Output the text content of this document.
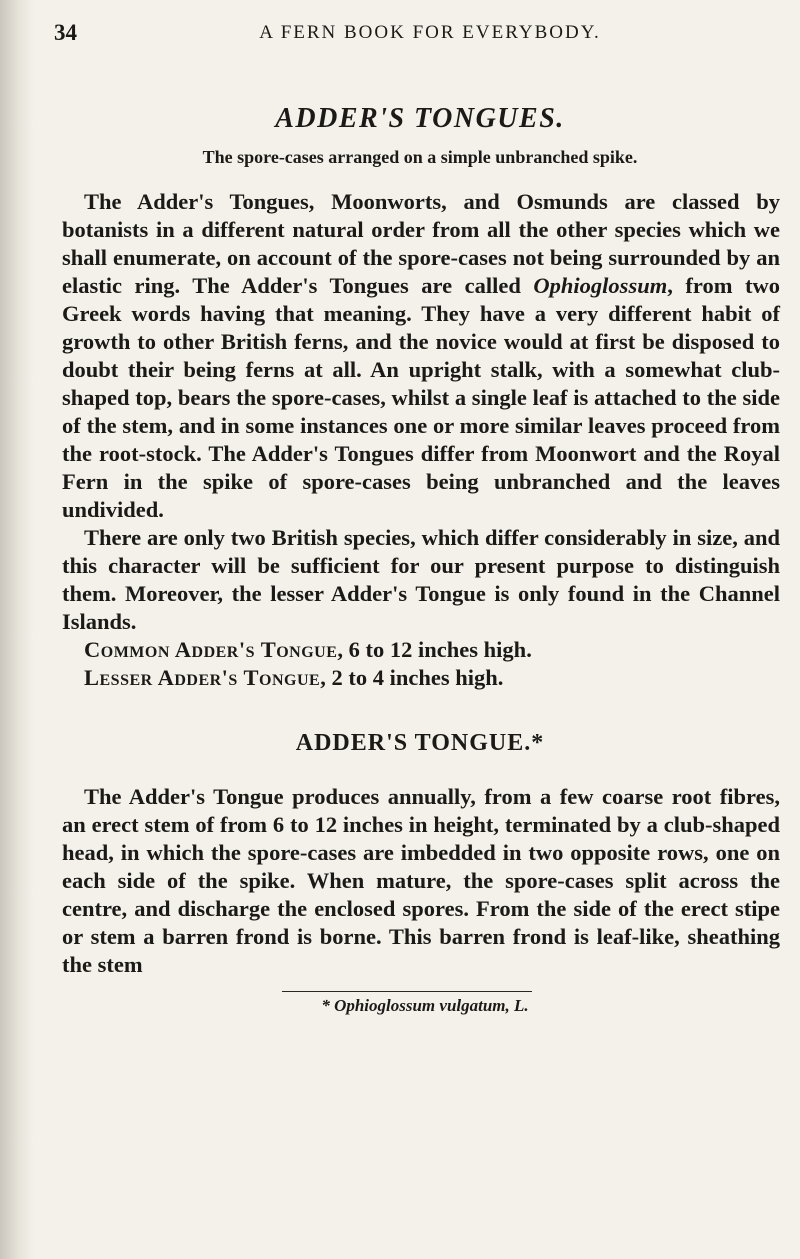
34	A FERN BOOK FOR EVERYBODY.
ADDER'S TONGUES.
The spore-cases arranged on a simple unbranched spike.

The Adder's Tongues, Moonworts, and Osmunds are classed by botanists in a different natural order from all the other species which we shall enumerate, on account of the spore-cases not being surrounded by an elastic ring. The Adder's Tongues are called Ophioglossum, from two Greek words having that meaning. They have a very different habit of growth to other British ferns, and the novice would at first be disposed to doubt their being ferns at all. An upright stalk, with a somewhat club-shaped top, bears the spore-cases, whilst a single leaf is attached to the side of the stem, and in some instances one or more similar leaves proceed from the root-stock. The Adder's Tongues differ from Moonwort and the Royal Fern in the spike of spore-cases being unbranched and the leaves undivided.

There are only two British species, which differ considerably in size, and this character will be sufficient for our present purpose to distinguish them. Moreover, the lesser Adder's Tongue is only found in the Channel Islands.

Common Adder's Tongue, 6 to 12 inches high.

Lesser Adder's Tongue, 2 to 4 inches high.

ADDER'S TONGUE.*

The Adder's Tongue produces annually, from a few coarse root fibres, an erect stem of from 6 to 12 inches in height, terminated by a club-shaped head, in which the spore-cases are imbedded in two opposite rows, one on each side of the spike. When mature, the spore-cases split across the centre, and discharge the enclosed spores. From the side of the erect stipe or stem a barren frond is borne. This barren frond is leaf-like, sheathing the stem

* Ophioglossum vulgatum, L.
